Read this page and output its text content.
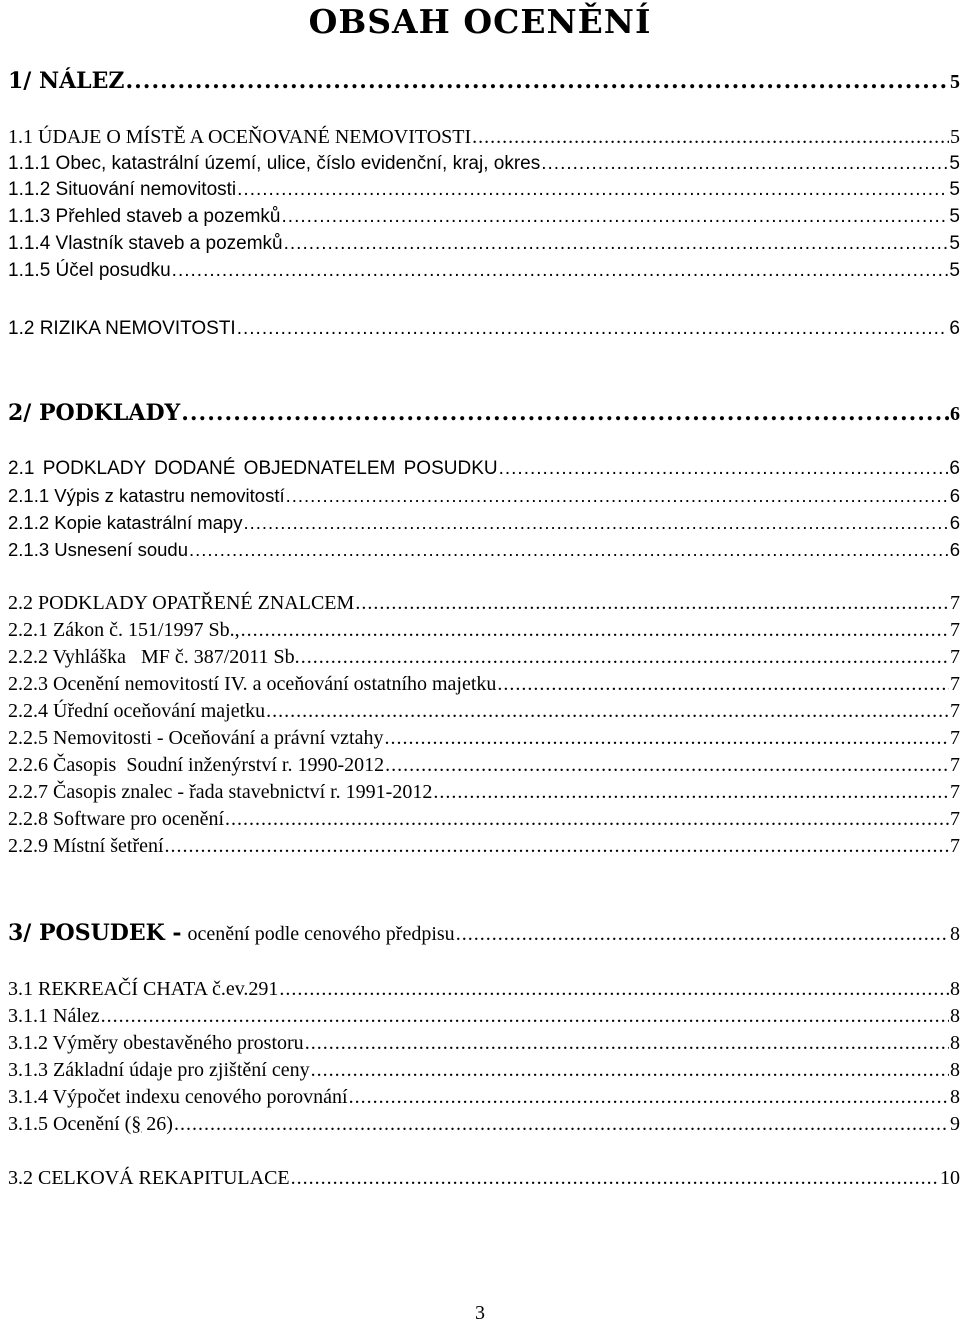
OBSAH OCENĚNÍ
1/ NÁLEZ .....	5
1.1 ÚDAJE O MÍSTĚ A OCEŇOVANÉ NEMOVITOSTI .....	5
1.1.1 Obec, katastrální území, ulice, číslo evidenční, kraj, okres .....	5
1.1.2 Situování nemovitosti .....	5
1.1.3 Přehled staveb a pozemků .....	5
1.1.4 Vlastník staveb a pozemků .....	5
1.1.5 Účel posudku .....	5
1.2 RIZIKA NEMOVITOSTI .....	6
2/ PODKLADY .....	6
2.1 PODKLADY DODANÉ OBJEDNATELEM POSUDKU .....	6
2.1.1 Výpis z katastru nemovitostí .....	6
2.1.2 Kopie katastrální mapy .....	6
2.1.3 Usnesení soudu .....	6
2.2 PODKLADY OPATŘENÉ ZNALCEM .....	7
2.2.1 Zákon č. 151/1997 Sb., .....	7
2.2.2 Vyhláška   MF č. 387/2011 Sb. .....	7
2.2.3 Ocenění nemovitostí IV. a oceňování ostatního majetku .....	7
2.2.4 Úřední oceňování majetku .....	7
2.2.5 Nemovitosti - Oceňování a právní vztahy .....	7
2.2.6 Časopis  Soudní inženýrství r. 1990-2012 .....	7
2.2.7 Časopis znalec - řada stavebnictví r. 1991-2012 .....	7
2.2.8 Software pro ocenění .....	7
2.2.9 Místní šetření .....	7
3/ POSUDEK - ocenění podle cenového předpisu .....	8
3.1 REKREAČÍ CHATA č.ev.291 .....	8
3.1.1 Nález .....	8
3.1.2 Výměry obestavěného prostoru .....	8
3.1.3 Základní údaje pro zjištění ceny .....	8
3.1.4 Výpočet indexu cenového porovnání .....	8
3.1.5 Ocenění (§ 26) .....	9
3.2 CELKOVÁ REKAPITULACE .....	10
3
